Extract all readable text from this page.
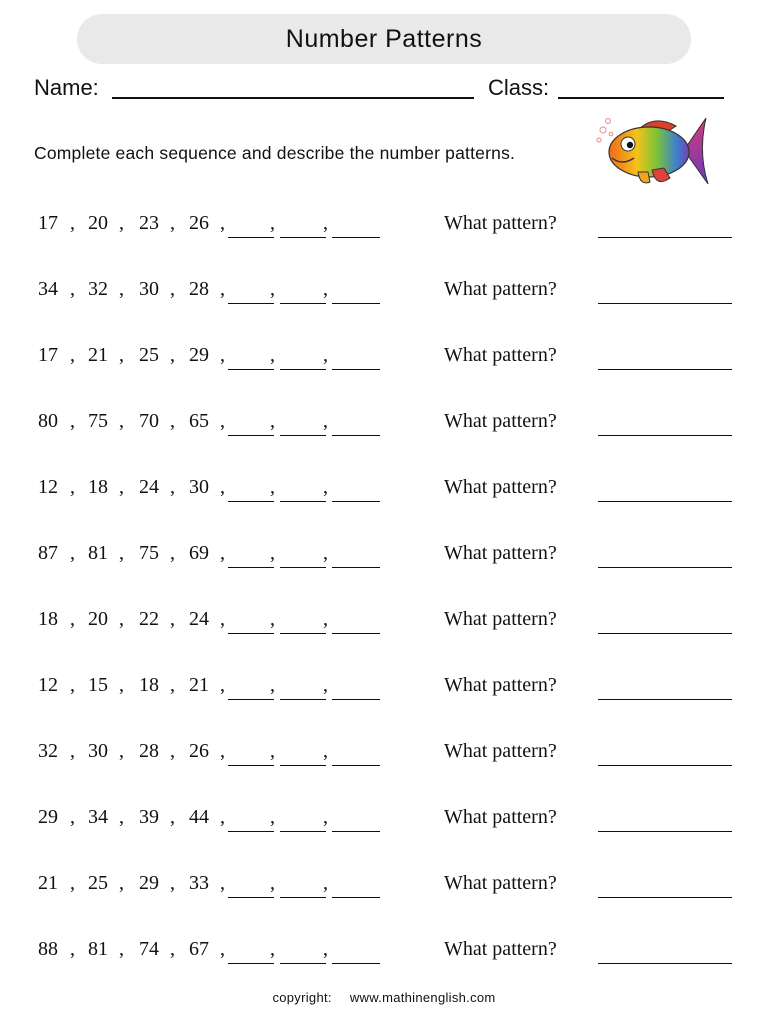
Number Patterns
Name:	Class:
Complete each sequence and describe the number patterns.
17 20 23 26
, , , , , ,	What pattern?
34 32 30 28
, , , , , ,	What pattern?
17 21 25 29
, , , , , ,	What pattern?
80 75 70 65
, , , , , ,	What pattern?
12 18 24 30
, , , , , ,	What pattern?
87 81 75 69
, , , , , ,	What pattern?
18 20 22 24
, , , , , ,	What pattern?
12 15 18 21
, , , , , ,	What pattern?
32 30 28 26
, , , , , ,	What pattern?
29 34 39 44
, , , , , ,	What pattern?
21 25 29 33
, , , , , ,	What pattern?
88 81 74 67
, , , , , ,	What pattern?
copyright: www.mathinenglish.com
